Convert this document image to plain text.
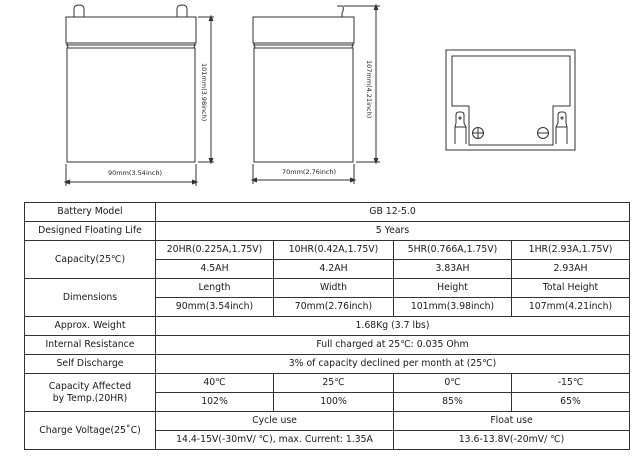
90mm(3.54inch)
101mm(3.98inch)
70mm(2.76inch)
107mm(4.21inch)
Battery Model	GB 12-5.0			
Designed Floating Life	5 Years			
Capacity(25℃)	20HR(0.225A,1.75V)	10HR(0.42A,1.75V)	5HR(0.766A,1.75V)	1HR(2.93A,1.75V)
	4.5AH	4.2AH	3.83AH	2.93AH
Dimensions	Length	Width	Height	Total Height
	90mm(3.54inch)	70mm(2.76inch)	101mm(3.98inch)	107mm(4.21inch)
Approx. Weight	1.68Kg (3.7 lbs)			
Internal Resistance	Full charged at 25℃: 0.035 Ohm			
Self Discharge	3% of capacity declined per month at (25℃)			

Capacity Affected
by Temp.(20HR)	40℃	25℃	0℃	-15℃
	102%	100%	85%	65%
Charge Voltage(25˚C)	Cycle use		Float use	
	14.4-15V(-30mV/ ℃), max. Current: 1.35A		13.6-13.8V(-20mV/ ℃)	
